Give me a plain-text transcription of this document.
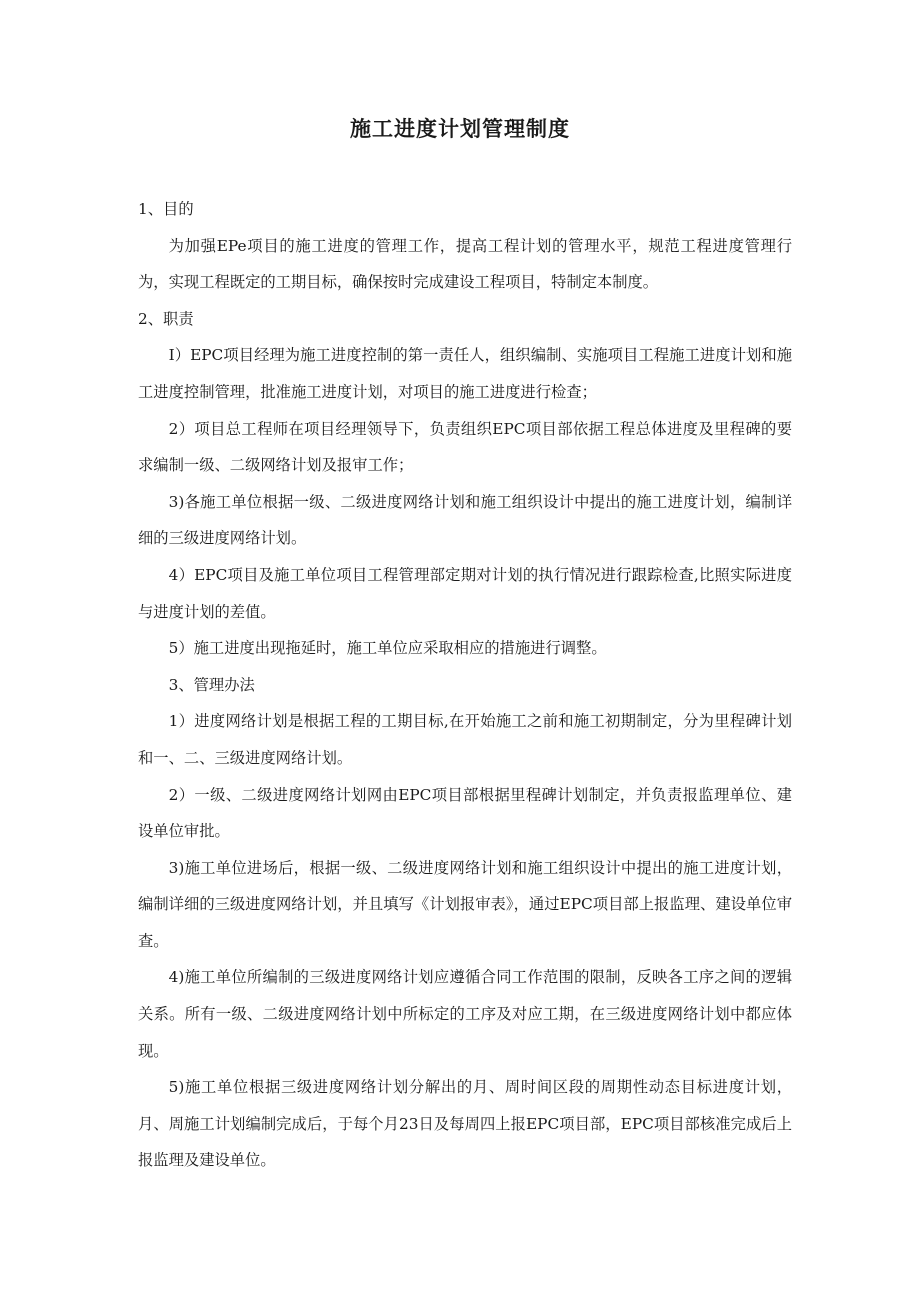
施工进度计划管理制度

1、目的

为加强EPe项目的施工进度的管理工作，提高工程计划的管理水平，规范工程进度管理行为，实现工程既定的工期目标，确保按时完成建设工程项目，特制定本制度。

2、职责

I）EPC项目经理为施工进度控制的第一责任人，组织编制、实施项目工程施工进度计划和施工进度控制管理，批准施工进度计划，对项目的施工进度进行检查；

2）项目总工程师在项目经理领导下，负责组织EPC项目部依据工程总体进度及里程碑的要求编制一级、二级网络计划及报审工作；

3)各施工单位根据一级、二级进度网络计划和施工组织设计中提出的施工进度计划，编制详细的三级进度网络计划。

4）EPC项目及施工单位项目工程管理部定期对计划的执行情况进行跟踪检查,比照实际进度与进度计划的差值。

5）施工进度出现拖延时，施工单位应采取相应的措施进行调整。

3、管理办法

1）进度网络计划是根据工程的工期目标,在开始施工之前和施工初期制定，分为里程碑计划和一、二、三级进度网络计划。

2）一级、二级进度网络计划网由EPC项目部根据里程碑计划制定，并负责报监理单位、建设单位审批。

3)施工单位进场后，根据一级、二级进度网络计划和施工组织设计中提出的施工进度计划，编制详细的三级进度网络计划，并且填写《计划报审表》，通过EPC项目部上报监理、建设单位审查。

4)施工单位所编制的三级进度网络计划应遵循合同工作范围的限制，反映各工序之间的逻辑关系。所有一级、二级进度网络计划中所标定的工序及对应工期，在三级进度网络计划中都应体现。

5)施工单位根据三级进度网络计划分解出的月、周时间区段的周期性动态目标进度计划，月、周施工计划编制完成后，于每个月23日及每周四上报EPC项目部，EPC项目部核准完成后上报监理及建设单位。
